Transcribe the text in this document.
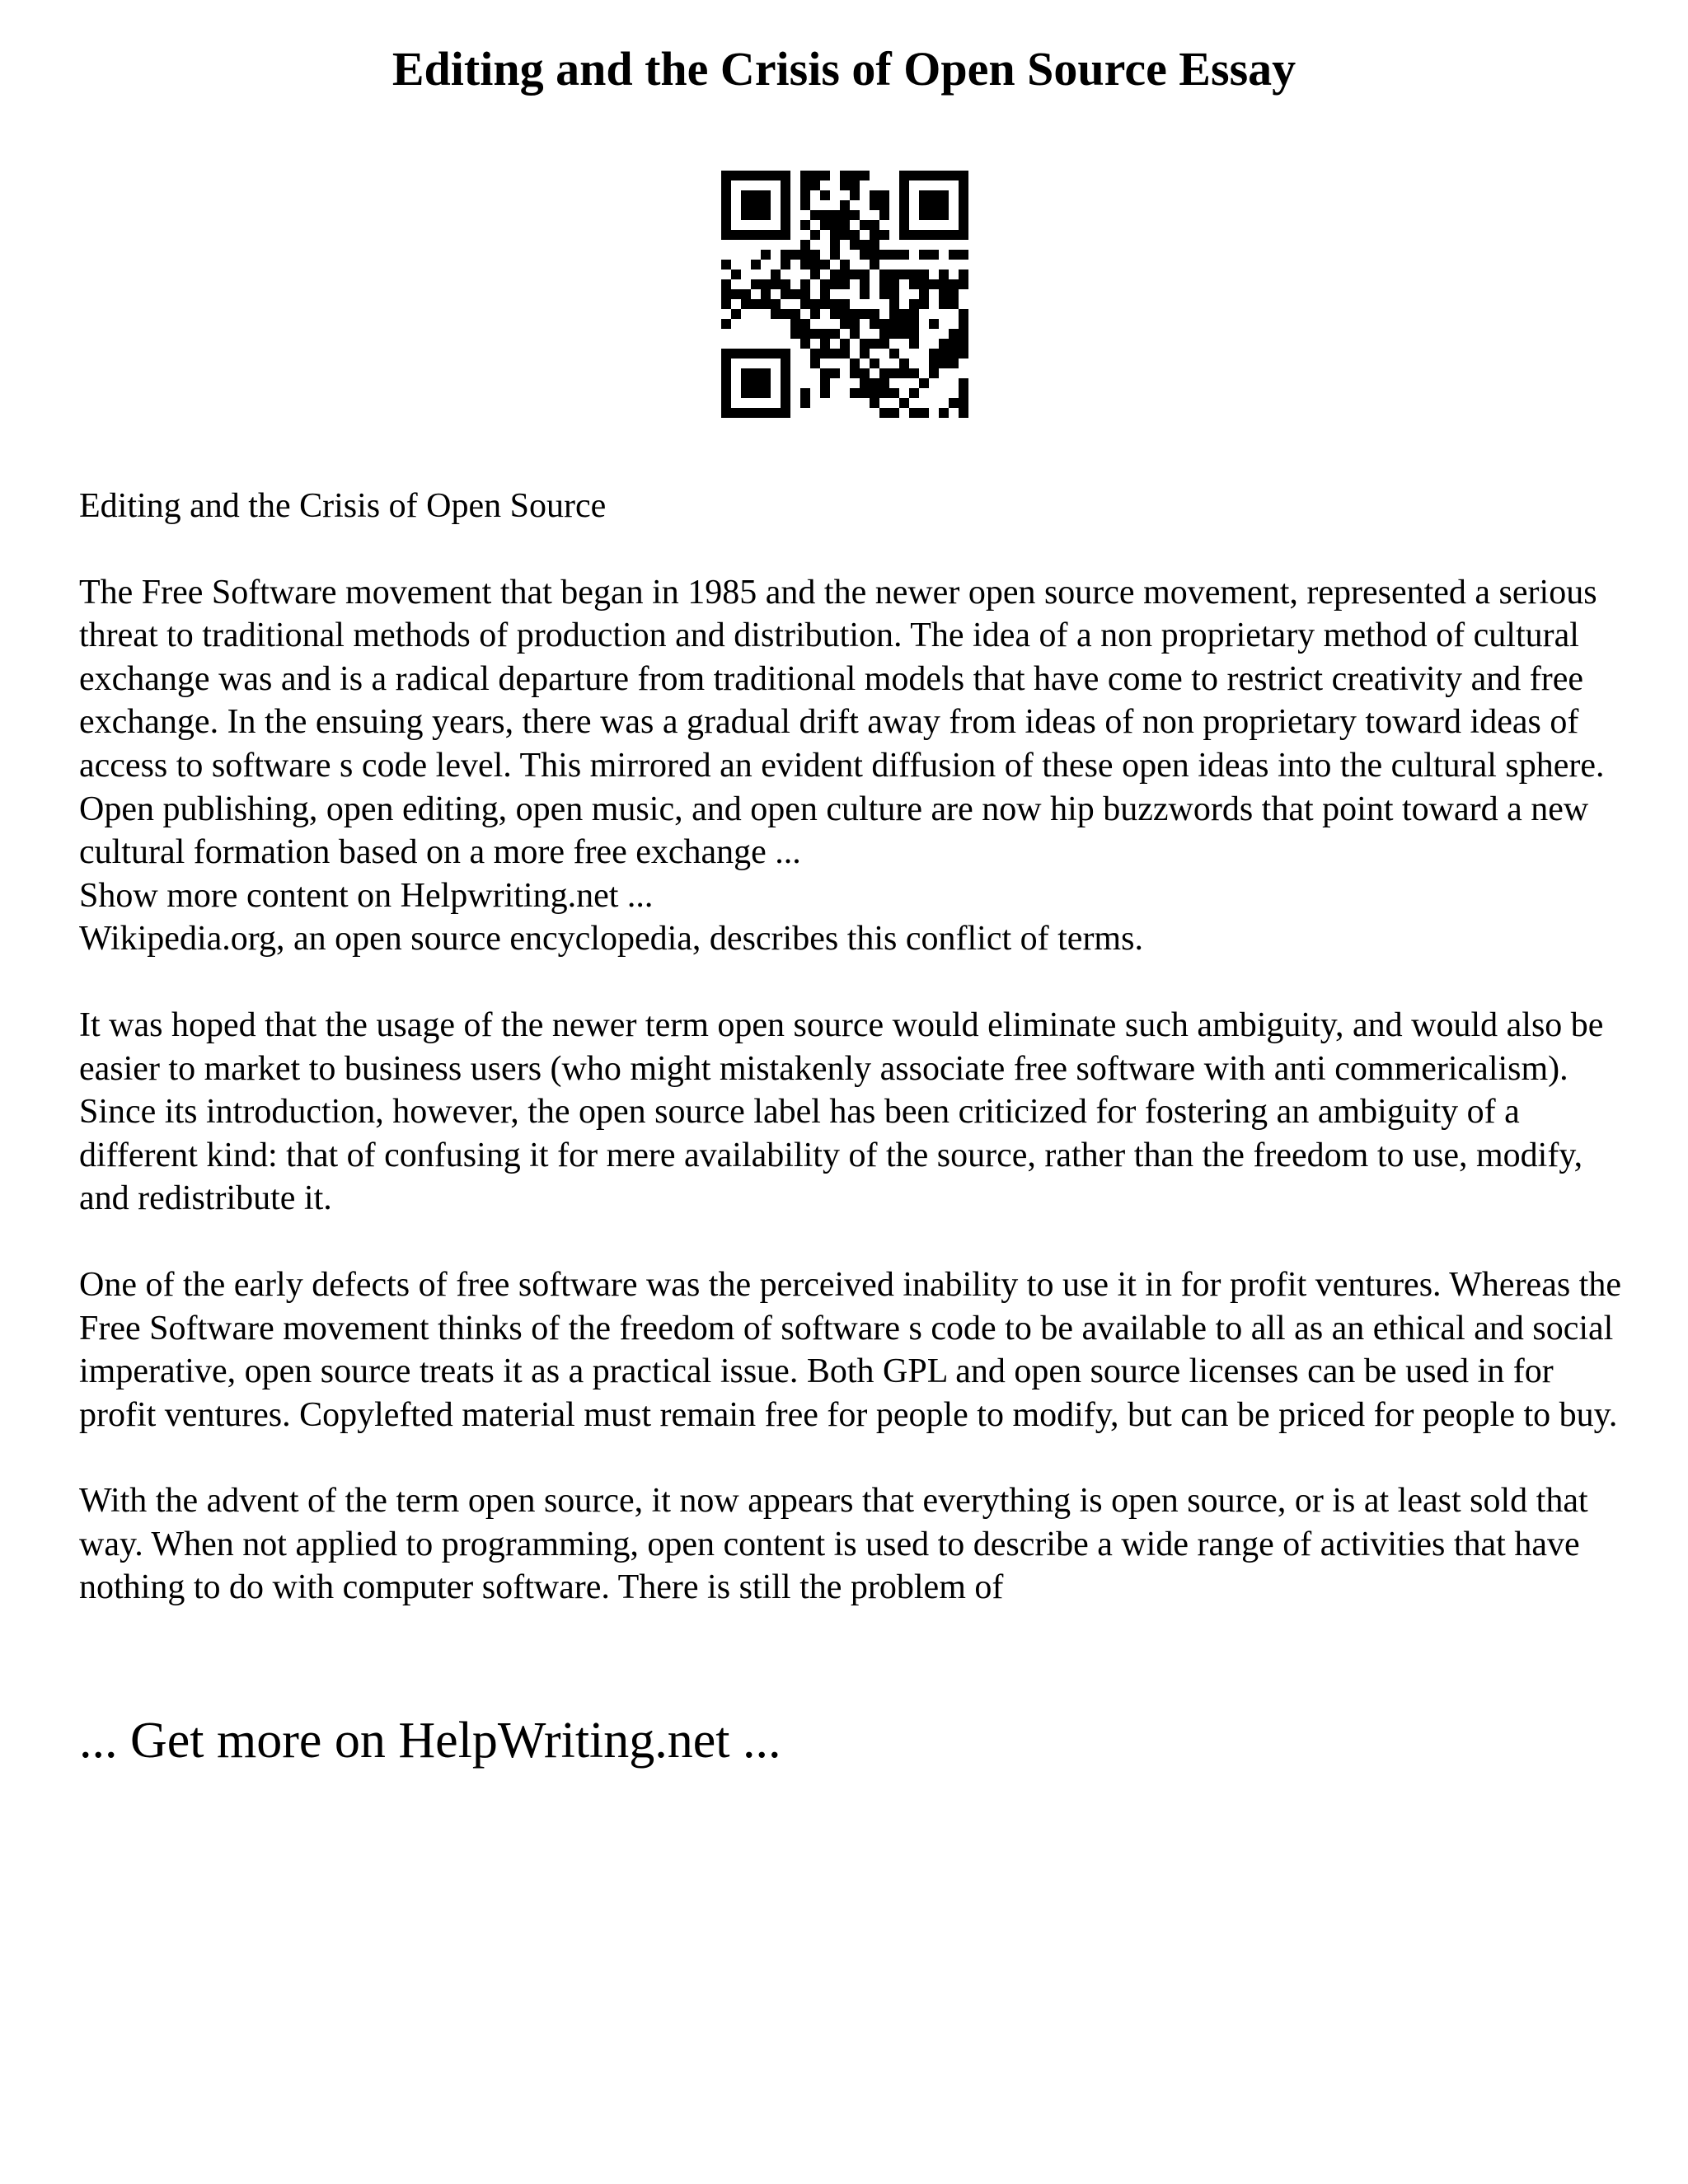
Editing and the Crisis of Open Source Essay

Editing and the Crisis of Open Source

The Free Software movement that began in 1985 and the newer open source movement, represented a serious threat to traditional methods of production and distribution. The idea of a non proprietary method of cultural exchange was and is a radical departure from traditional models that have come to restrict creativity and free exchange. In the ensuing years, there was a gradual drift away from ideas of non proprietary toward ideas of access to software s code level. This mirrored an evident diffusion of these open ideas into the cultural sphere. Open publishing, open editing, open music, and open culture are now hip buzzwords that point toward a new cultural formation based on a more free exchange ...

Show more content on Helpwriting.net ...

Wikipedia.org, an open source encyclopedia, describes this conflict of terms.

It was hoped that the usage of the newer term open source would eliminate such ambiguity, and would also be easier to market to business users (who might mistakenly associate free software with anti commericalism). Since its introduction, however, the open source label has been criticized for fostering an ambiguity of a different kind: that of confusing it for mere availability of the source, rather than the freedom to use, modify, and redistribute it.

One of the early defects of free software was the perceived inability to use it in for profit ventures. Whereas the Free Software movement thinks of the freedom of software s code to be available to all as an ethical and social imperative, open source treats it as a practical issue. Both GPL and open source licenses can be used in for profit ventures. Copylefted material must remain free for people to modify, but can be priced for people to buy.

With the advent of the term open source, it now appears that everything is open source, or is at least sold that way. When not applied to programming, open content is used to describe a wide range of activities that have nothing to do with computer software. There is still the problem of

... Get more on HelpWriting.net ...
